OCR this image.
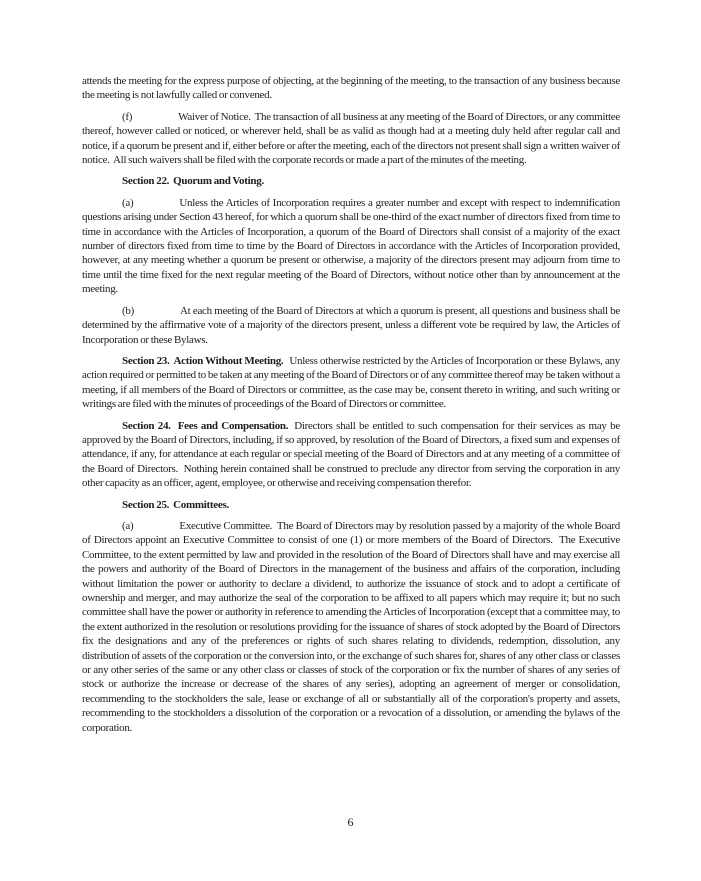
attends the meeting for the express purpose of objecting, at the beginning of the meeting, to the transaction of any business because the meeting is not lawfully called or convened.

(f)	Waiver of Notice.  The transaction of all business at any meeting of the Board of Directors, or any committee thereof, however called or noticed, or wherever held, shall be as valid as though had at a meeting duly held after regular call and notice, if a quorum be present and if, either before or after the meeting, each of the directors not present shall sign a written waiver of notice.  All such waivers shall be filed with the corporate records or made a part of the minutes of the meeting.

Section 22.  Quorum and Voting.

(a)	Unless the Articles of Incorporation requires a greater number and except with respect to indemnification questions arising under Section 43 hereof, for which a quorum shall be one-third of the exact number of directors fixed from time to time in accordance with the Articles of Incorporation, a quorum of the Board of Directors shall consist of a majority of the exact number of directors fixed from time to time by the Board of Directors in accordance with the Articles of Incorporation provided, however, at any meeting whether a quorum be present or otherwise, a majority of the directors present may adjourn from time to time until the time fixed for the next regular meeting of the Board of Directors, without notice other than by announcement at the meeting.

(b)	At each meeting of the Board of Directors at which a quorum is present, all questions and business shall be determined by the affirmative vote of a majority of the directors present, unless a different vote be required by law, the Articles of Incorporation or these Bylaws.

Section 23.  Action Without Meeting. Unless otherwise restricted by the Articles of Incorporation or these Bylaws, any action required or permitted to be taken at any meeting of the Board of Directors or of any committee thereof may be taken without a meeting, if all members of the Board of Directors or committee, as the case may be, consent thereto in writing, and such writing or writings are filed with the minutes of proceedings of the Board of Directors or committee.

Section 24.  Fees and Compensation. Directors shall be entitled to such compensation for their services as may be approved by the Board of Directors, including, if so approved, by resolution of the Board of Directors, a fixed sum and expenses of attendance, if any, for attendance at each regular or special meeting of the Board of Directors and at any meeting of a committee of the Board of Directors.  Nothing herein contained shall be construed to preclude any director from serving the corporation in any other capacity as an officer, agent, employee, or otherwise and receiving compensation therefor.

Section 25.  Committees.

(a)	Executive Committee.  The Board of Directors may by resolution passed by a majority of the whole Board of Directors appoint an Executive Committee to consist of one (1) or more members of the Board of Directors.  The Executive Committee, to the extent permitted by law and provided in the resolution of the Board of Directors shall have and may exercise all the powers and authority of the Board of Directors in the management of the business and affairs of the corporation, including without limitation the power or authority to declare a dividend, to authorize the issuance of stock and to adopt a certificate of ownership and merger, and may authorize the seal of the corporation to be affixed to all papers which may require it; but no such committee shall have the power or authority in reference to amending the Articles of Incorporation (except that a committee may, to the extent authorized in the resolution or resolutions providing for the issuance of shares of stock adopted by the Board of Directors fix the designations and any of the preferences or rights of such shares relating to dividends, redemption, dissolution, any distribution of assets of the corporation or the conversion into, or the exchange of such shares for, shares of any other class or classes or any other series of the same or any other class or classes of stock of the corporation or fix the number of shares of any series of stock or authorize the increase or decrease of the shares of any series), adopting an agreement of merger or consolidation, recommending to the stockholders the sale, lease or exchange of all or substantially all of the corporation's property and assets, recommending to the stockholders a dissolution of the corporation or a revocation of a dissolution, or amending the bylaws of the corporation.

6
